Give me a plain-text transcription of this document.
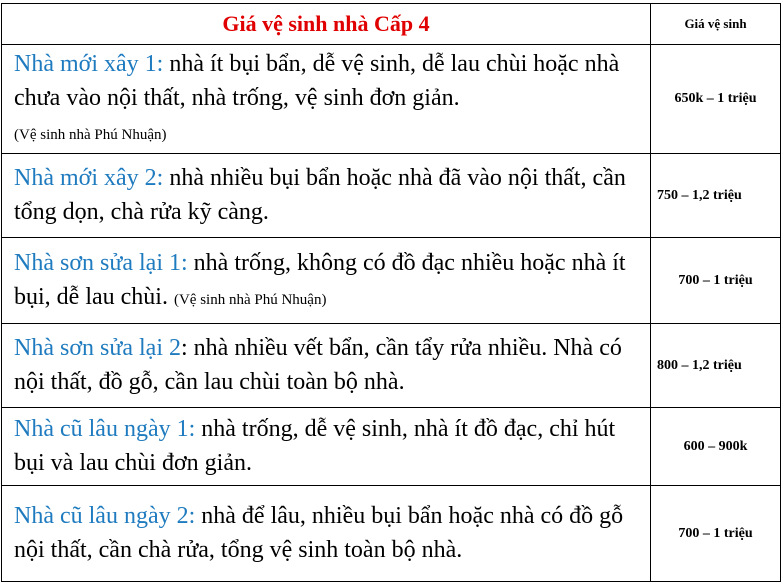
Giá vệ sinh nhà Cấp 4	Giá vệ sinh
Nhà mới xây 1: nhà ít bụi bẩn, dễ vệ sinh, dễ lau chùi hoặc nhà chưa vào nội thất, nhà trống, vệ sinh đơn giản.
(Vệ sinh nhà Phú Nhuận)	650k – 1 triệu
Nhà mới xây 2: nhà nhiều bụi bẩn hoặc nhà đã vào nội thất, cần tổng dọn, chà rửa kỹ càng.	750 – 1,2 triệu
Nhà sơn sửa lại 1: nhà trống, không có đồ đạc nhiều hoặc nhà ít bụi, dễ lau chùi. (Vệ sinh nhà Phú Nhuận)	700 – 1 triệu
Nhà sơn sửa lại 2: nhà nhiều vết bẩn, cần tẩy rửa nhiều. Nhà có nội thất, đồ gỗ, cần lau chùi toàn bộ nhà.	800 – 1,2 triệu
Nhà cũ lâu ngày 1: nhà trống, dễ vệ sinh, nhà ít đồ đạc, chỉ hút bụi và lau chùi đơn giản.	600 – 900k
Nhà cũ lâu ngày 2: nhà để lâu, nhiều bụi bẩn hoặc nhà có đồ gỗ nội thất, cần chà rửa, tổng vệ sinh toàn bộ nhà.	700 – 1 triệu
